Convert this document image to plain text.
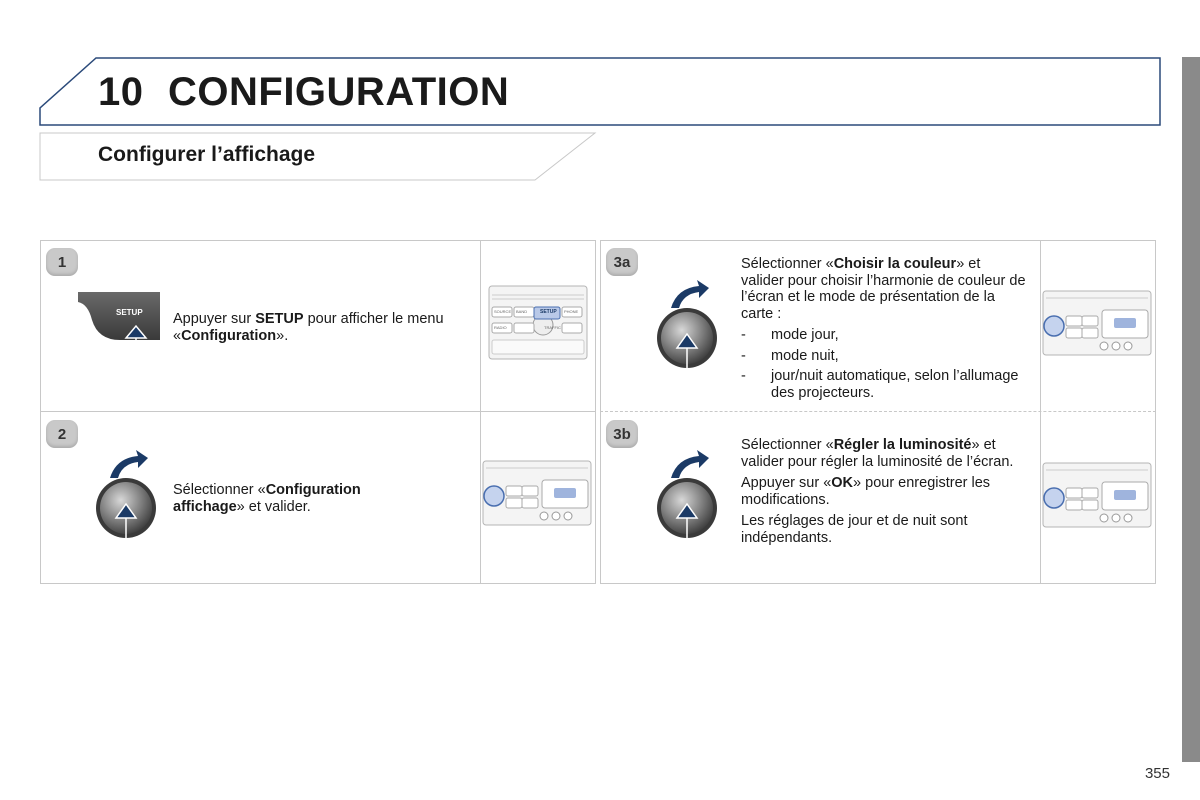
10 CONFIGURATION
Configurer l’affichage
1
SETUP Appuyer sur SETUP pour afficher le menu «Configuration».
SETUP
2
Sélectionner «Configuration affichage» et valider.
3a	Sélectionner «Choisir la couleur» et valider pour choisir l’harmonie de couleur de l’écran et le mode de présentation de la carte :

- mode jour,
- mode nuit,
- jour/nuit automatique, selon l’allumage des projecteurs.
3b

Sélectionner «Régler la luminosité» et valider pour régler la luminosité de l’écran.

Appuyer sur «OK» pour enregistrer les modifications.

Les réglages de jour et de nuit sont indépendants.

SOURCE BAND	PHONE
RADIO	TRAFFIC
355
